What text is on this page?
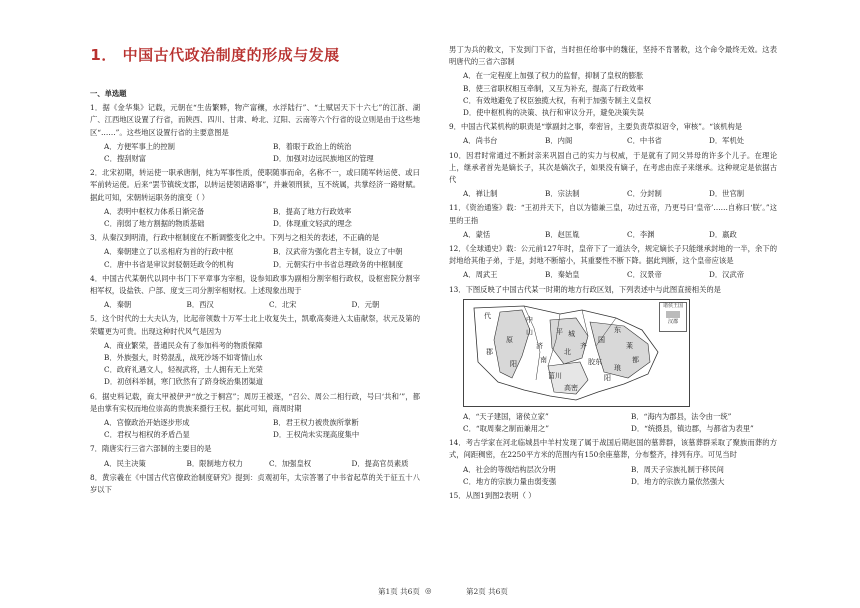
1． 中国古代政治制度的形成与发展
一、单选题
1．据《金华集》记载，元朝在“生齿繁夥，物产富穰，水浮陆行”、“土赋居天下十六七”的江浙、湖广、江西地区设置了行省，而陕西、四川、甘肃、岭北、辽阳、云南等六个行省的设立则是由于这些地区“……”。这些地区设置行省的主要意图是
A．方便军事上的控制	B．着眼于政治上的统治
C．搜刮财富	D．加强对边远民族地区的管理
2．北宋初期，转运使一职承唐制，纯为军事性质，使职随事而命，名称不一，或曰随军转运使、或曰军前转运使。后来“罢节镇统支郡，以转运使领诸路事”，并兼领刑狱，互不统属，共掌经济一路财赋。据此可知，宋朝转运职务的演变（ ）
A．表明中枢权力体系日渐完备	B．提高了地方行政效率
C．削弱了地方割据的物质基础	D．体现重文轻武的理念
3．从秦汉到明清，行政中枢制度在不断调整变化之中。下列与之相关的表述，不正确的是
A．秦朝建立了以丞相府为首的行政中枢	B．汉武帝为强化君主专制，设立了中朝
C．唐中书省是审议封驳朝廷政令的机构	D．元朝实行中书省总理政务的中枢制度
4．中国古代某朝代以同中书门下平章事为宰相，设参知政事为副相分割宰相行政权，设枢密院分割宰相军权，设盐铁、户部、度支三司分割宰相财权。上述现象出现于
A．秦朝	B．西汉	C．北宋	D．元朝
5．这个时代的士大夫认为，比起帝领数十万军士北上收复失土，凯歌高奏进入太庙献祭，状元及第的荣耀更为可贵。出现这种时代风气是因为
A．商业繁荣，普通民众有了参加科考的物质保障
B．外族强大，时势混乱，战死沙场不如寄情山水
C．政府礼遇文人，轻视武将，士人拥有无上光荣
D．初创科举制，寒门欣然有了跻身统治集团渠道
6．据史料记载，商太甲被伊尹“放之于桐宫”；周厉王被逐，“召公、周公二相行政，号曰‘共和’”，都是由掌有实权而地位崇高的贵族来摄行王权。据此可知，商周时期
A．官僚政治开始逐步形成	B．君王权力被贵族所掌断
C．君权与相权的矛盾凸显	D．王权尚未实现高度集中
7．隋唐实行三省六部制的主要目的是
A．民主决策	B．限制地方权力	C．加强皇权	D．提高官员素质
8．黄宗羲在《中国古代官僚政治制度研究》提到：贞观初年，太宗答署了中书省起草的关于征五十八岁以下
男丁为兵的敕文，下发到门下省，当时担任给事中的魏征，坚持不肯署敕，这个命令最终无效。这表明唐代的三省六部制
A．在一定程度上加强了权力的监督，抑制了皇权的膨胀
B．使三省职权相互牵制，又互为补充，提高了行政效率
C．有效地避免了权臣独揽大权，有利于加强专制主义皇权
D．使中枢机构的决策、执行和审议分开，避免决策失误
9．中国古代某机构的职责是“掌副封之事，奉密旨，主要负责草拟诏令，审核”。“该机构是
A．尚书台	B．内阁	C．中书省	D．军机处
10．因君时常通过不断封亲来巩固自己的实力与权威，于是就有了同父异母的许多个儿子。在理论上，继承者首先是嫡长子，其次是嫡次子，如果没有嫡子，在考虑由庶子来继承。这种规定是依据古代
A．禅让制	B．宗法制	C．分封制	D．世官制
11．《资治通鉴》载：“王初并天下，自以为德兼三皇，功过五帝，乃更号曰‘皇帝’……自称曰‘朕’。”这里的王指
A．蒙恬	B．赵匡胤	C．李渊	D．嬴政
12．《全球通史》载：公元前127年时，皇帝下了一道法令，规定嫡长子只能继承封地的一半，余下的封地给其他子弟，于是，封地不断缩小，其重要性不断下降。据此判断，这个皇帝应该是
A．周武王	B．秦始皇	C．汉景帝	D．汉武帝
13．下图反映了中国古代某一时期的地方行政区划，下列表述中与此图直接相关的是
代	中
山
原
济
北
平 城
齐
东
菑川
高密
莱
胶东	都
郡
南
国
阳
阳
琅
诸侯王国
汉郡
A．“天子建国，诸侯立家”	B．“海内为郡县，法令由一统”
C．“取周秦之制而兼用之”	D．“统摄县，镇边郡，与都省为表里”
14．考古学家在河北临城县中羊村发现了属于战国后期赵国的墓葬群，该墓葬群采取了聚族而葬的方式，间距稠密，在2250平方米的范围内有150余座墓葬，分布整齐，排列有序。可见当时
A．社会的等级结构层次分明	B．周天子宗族礼制于移民间
C．地方的宗族力量由弱变强	D．地方的宗族力量依然强大
15．从图1到图2表明（ ）
第1页 共6页 ◎	第2页 共6页
